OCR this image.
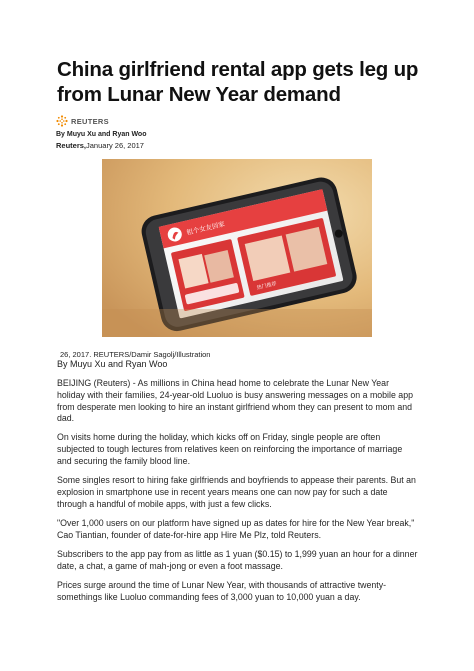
China girlfriend rental app gets leg up from Lunar New Year demand
REUTERS
By Muyu Xu and Ryan Woo
Reuters,January 26, 2017
租个女友回家
热门推荐
26, 2017. REUTERS/Damir Sagolj/Illustration
By Muyu Xu and Ryan Woo

BEIJING (Reuters) - As millions in China head home to celebrate the Lunar New Year holiday with their families, 24-year-old Luoluo is busy answering messages on a mobile app from desperate men looking to hire an instant girlfriend whom they can present to mom and dad.

On visits home during the holiday, which kicks off on Friday, single people are often subjected to tough lectures from relatives keen on reinforcing the importance of marriage and securing the family blood line.

Some singles resort to hiring fake girlfriends and boyfriends to appease their parents. But an explosion in smartphone use in recent years means one can now pay for such a date through a handful of mobile apps, with just a few clicks.

"Over 1,000 users on our platform have signed up as dates for hire for the New Year break," Cao Tiantian, founder of date-for-hire app Hire Me Plz, told Reuters.

Subscribers to the app pay from as little as 1 yuan ($0.15) to 1,999 yuan an hour for a dinner date, a chat, a game of mah-jong or even a foot massage.

Prices surge around the time of Lunar New Year, with thousands of attractive twenty-somethings like Luoluo commanding fees of 3,000 yuan to 10,000 yuan a day.
